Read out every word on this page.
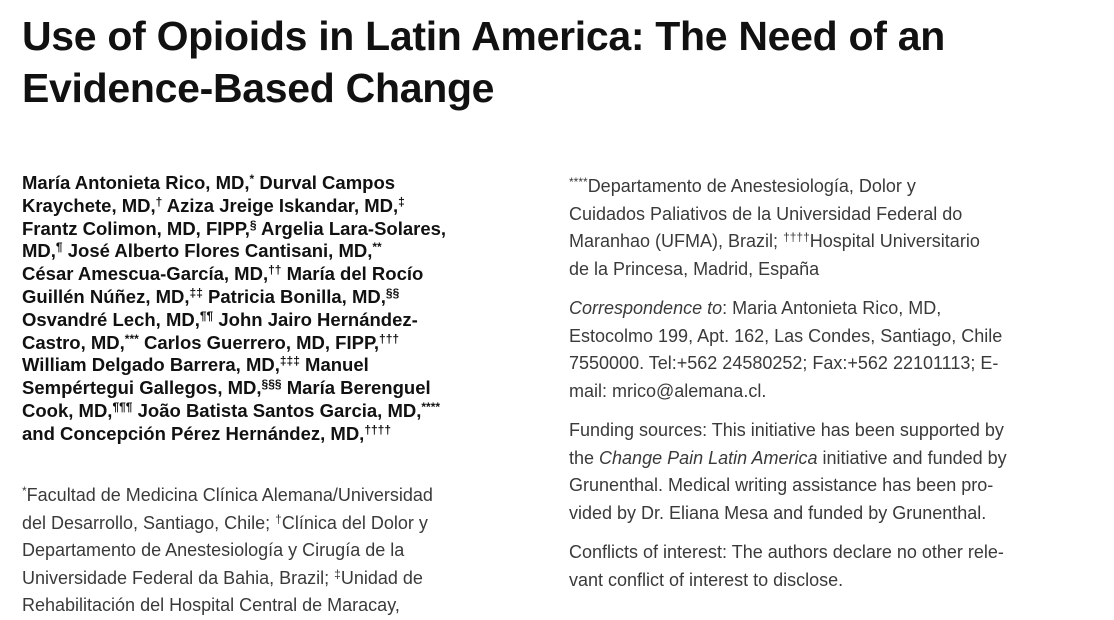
Use of Opioids in Latin America: The Need of an
Evidence-Based Change
María Antonieta Rico, MD,* Durval Campos
Kraychete, MD,† Aziza Jreige Iskandar, MD,‡
Frantz Colimon, MD, FIPP,§ Argelia Lara-Solares,
MD,¶ José Alberto Flores Cantisani, MD,**
César Amescua-García, MD,†† María del Rocío
Guillén Núñez, MD,‡‡ Patricia Bonilla, MD,§§
Osvandré Lech, MD,¶¶ John Jairo Hernández-
Castro, MD,*** Carlos Guerrero, MD, FIPP,†††
William Delgado Barrera, MD,‡‡‡ Manuel
Sempértegui Gallegos, MD,§§§ María Berenguel
Cook, MD,¶¶¶ João Batista Santos Garcia, MD,****
and Concepción Pérez Hernández, MD,††††
*Facultad de Medicina Clínica Alemana/Universidad
del Desarrollo, Santiago, Chile; †Clínica del Dolor y
Departamento de Anestesiología y Cirugía de la
Universidade Federal da Bahia, Brazil; ‡Unidad de
Rehabilitación del Hospital Central de Maracay,
****Departamento de Anestesiología, Dolor y
Cuidados Paliativos de la Universidad Federal do
Maranhao (UFMA), Brazil; ††††Hospital Universitario
de la Princesa, Madrid, España
Correspondence to: Maria Antonieta Rico, MD,
Estocolmo 199, Apt. 162, Las Condes, Santiago, Chile
7550000. Tel:+562 24580252; Fax:+562 22101113; E-
mail: mrico@alemana.cl.
Funding sources: This initiative has been supported by
the Change Pain Latin America initiative and funded by
Grunenthal. Medical writing assistance has been pro-
vided by Dr. Eliana Mesa and funded by Grunenthal.
Conflicts of interest: The authors declare no other rele-
vant conflict of interest to disclose.
